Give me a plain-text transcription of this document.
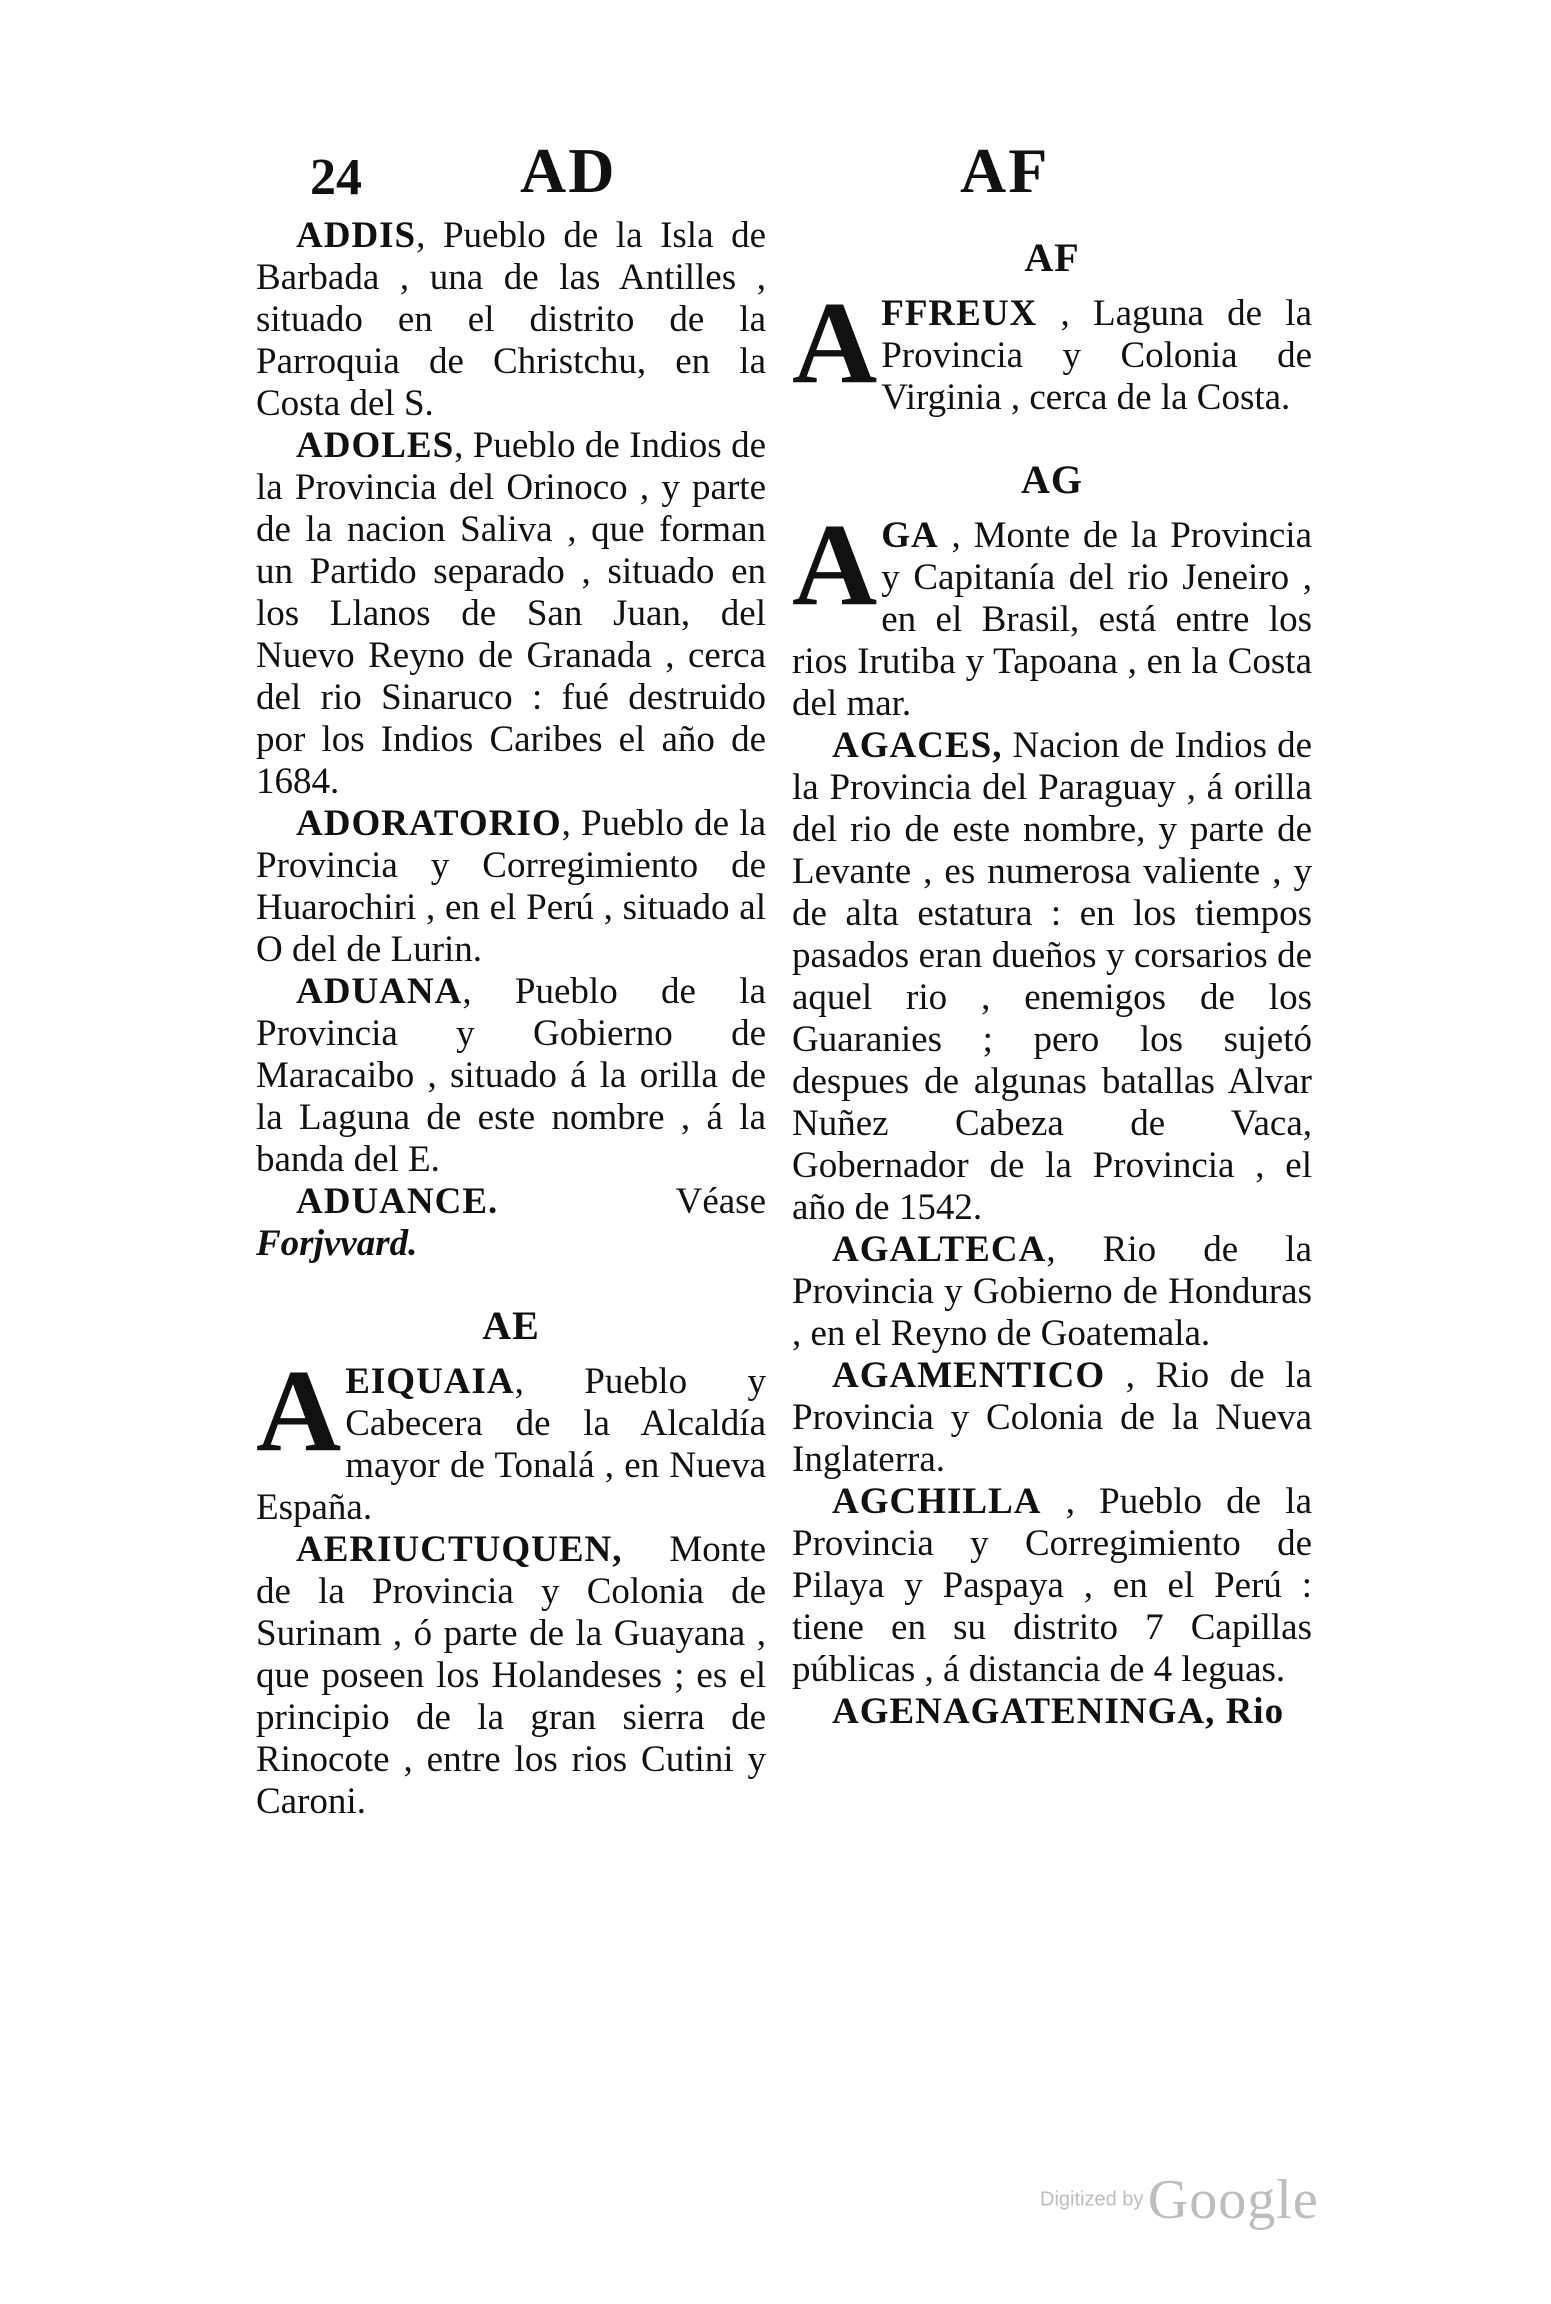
24 AD	AF

ADDIS, Pueblo de la Isla de Barbada , una de las Antilles , situado en el distrito de la Parroquia de Christchu, en la Costa del S.

ADOLES, Pueblo de Indios de la Provincia del Orinoco , y parte de la nacion Saliva , que forman un Partido separado , situado en los Llanos de San Juan, del Nuevo Reyno de Granada , cerca del rio Sinaruco : fué destruido por los Indios Caribes el año de 1684.

ADORATORIO, Pueblo de la Provincia y Corregimiento de Huarochiri , en el Perú , situado al O del de Lurin.

ADUANA, Pueblo de la Provincia y Gobierno de Maracaibo , situado á la orilla de la Laguna de este nombre , á la banda del E.

ADUANCE. Véase Forjvvard.

AE

AEIQUAIA, Pueblo y Cabecera de la Alcaldía mayor de Tonalá , en Nueva España.

AERIUCTUQUEN, Monte de la Provincia y Colonia de Surinam , ó parte de la Guayana , que poseen los Holandeses ; es el principio de la gran sierra de Rinocote , entre los rios Cutini y Caroni.

AF

AFFREUX , Laguna de la Provincia y Colonia de Virginia , cerca de la Costa.

AG

AGA , Monte de la Provincia y Capitanía del rio Jeneiro , en el Brasil, está entre los rios Irutiba y Tapoana , en la Costa del mar.

AGACES, Nacion de Indios de la Provincia del Paraguay , á orilla del rio de este nombre, y parte de Levante , es numerosa valiente , y de alta estatura : en los tiempos pasados eran dueños y corsarios de aquel rio , enemigos de los Guaranies ; pero los sujetó despues de algunas batallas Alvar Nuñez Cabeza de Vaca, Gobernador de la Provincia , el año de 1542.

AGALTECA, Rio de la Provincia y Gobierno de Honduras , en el Reyno de Goatemala.

AGAMENTICO , Rio de la Provincia y Colonia de la Nueva Inglaterra.

AGCHILLA , Pueblo de la Provincia y Corregimiento de Pilaya y Paspaya , en el Perú : tiene en su distrito 7 Capillas públicas , á distancia de 4 leguas.

AGENAGATENINGA, Rio

Digitized by Google
